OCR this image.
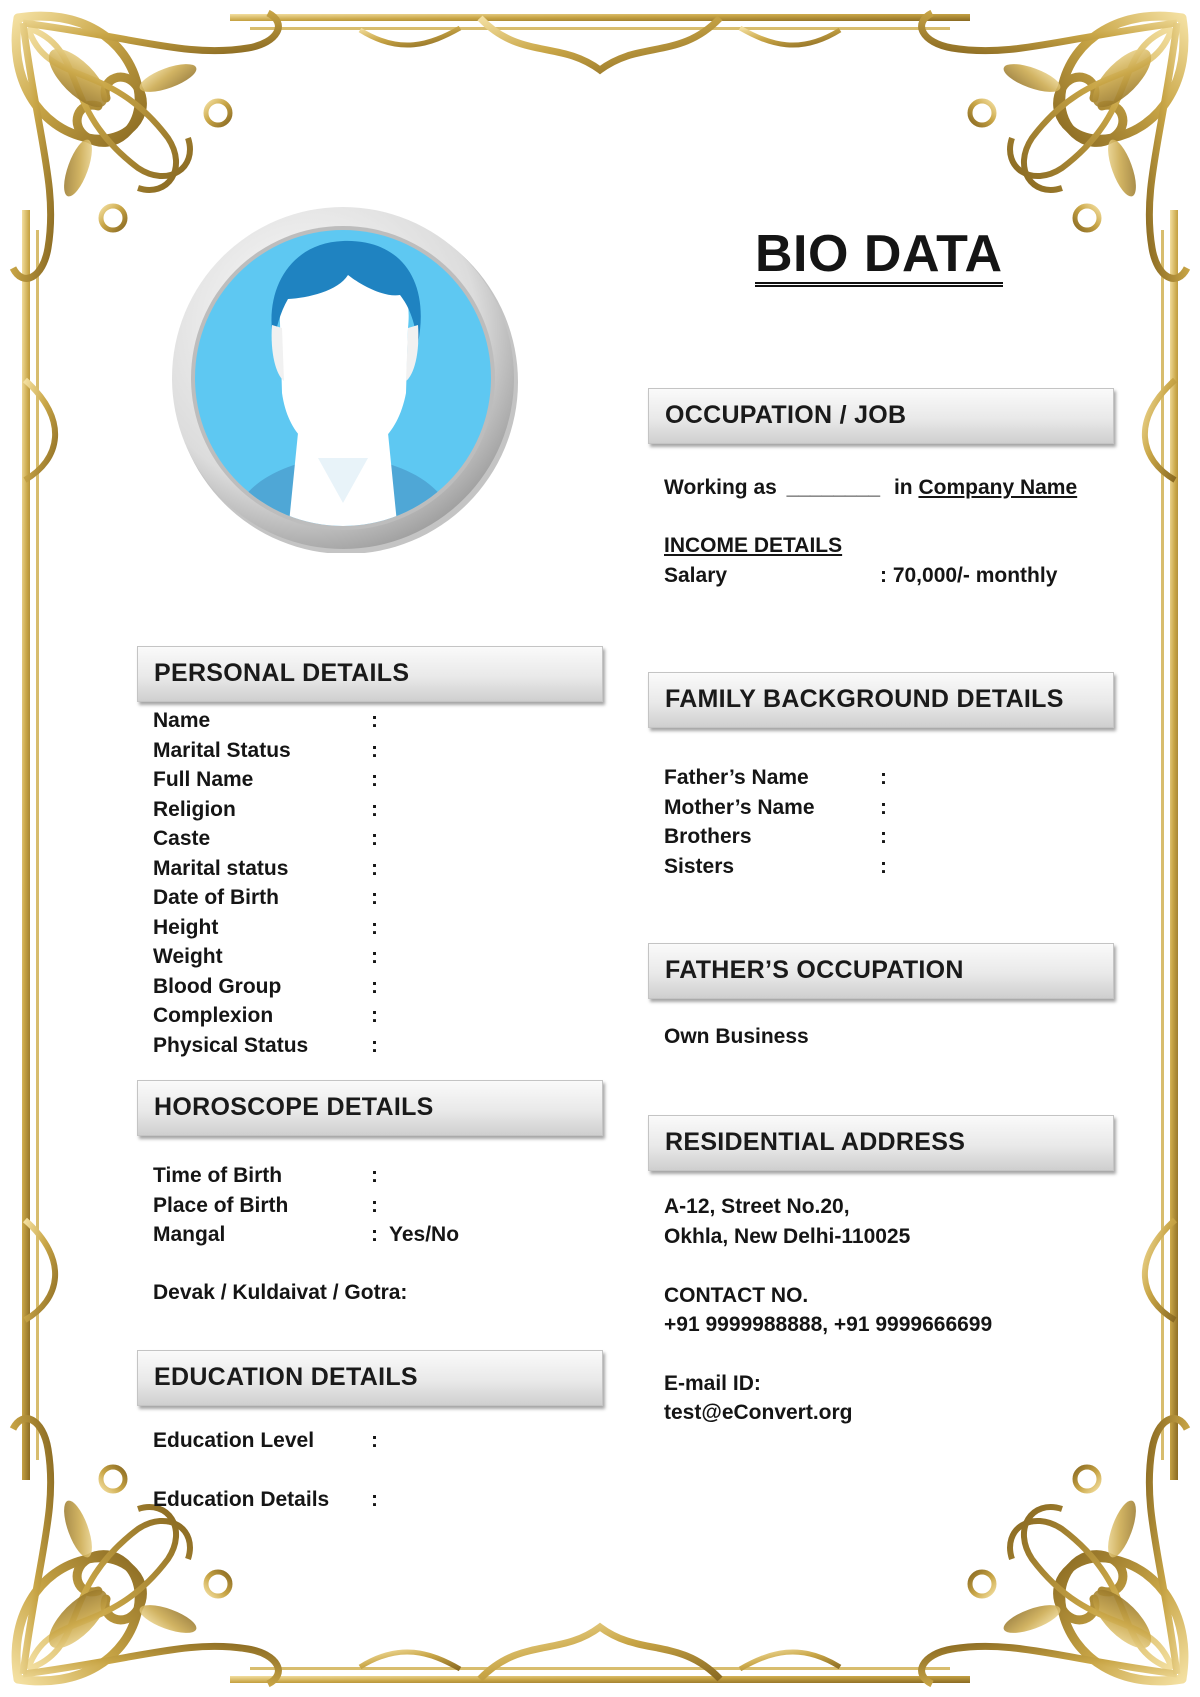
BIO DATA
OCCUPATION / JOB
Working as ________ in Company Name
INCOME DETAILS
Salary	: 70,000/- monthly
PERSONAL DETAILS
Name	:
Marital Status	:
Full Name	:
Religion	:
Caste	:
Marital status	:
Date of Birth	:
Height	:
Weight	:
Blood Group	:
Complexion	:
Physical Status	:
HOROSCOPE DETAILS
Time of Birth	:
Place of Birth	:
Mangal	: Yes/No
Devak / Kuldaivat / Gotra:
EDUCATION DETAILS
Education Level	:
Education Details :
FAMILY BACKGROUND DETAILS
Father’s Name	:
Mother’s Name	:
Brothers	:
Sisters	:
FATHER’S OCCUPATION
Own Business
RESIDENTIAL ADDRESS
A-12, Street No.20,
Okhla, New Delhi-110025
CONTACT NO.
+91 9999988888, +91 9999666699
E-mail ID:
test@eConvert.org
